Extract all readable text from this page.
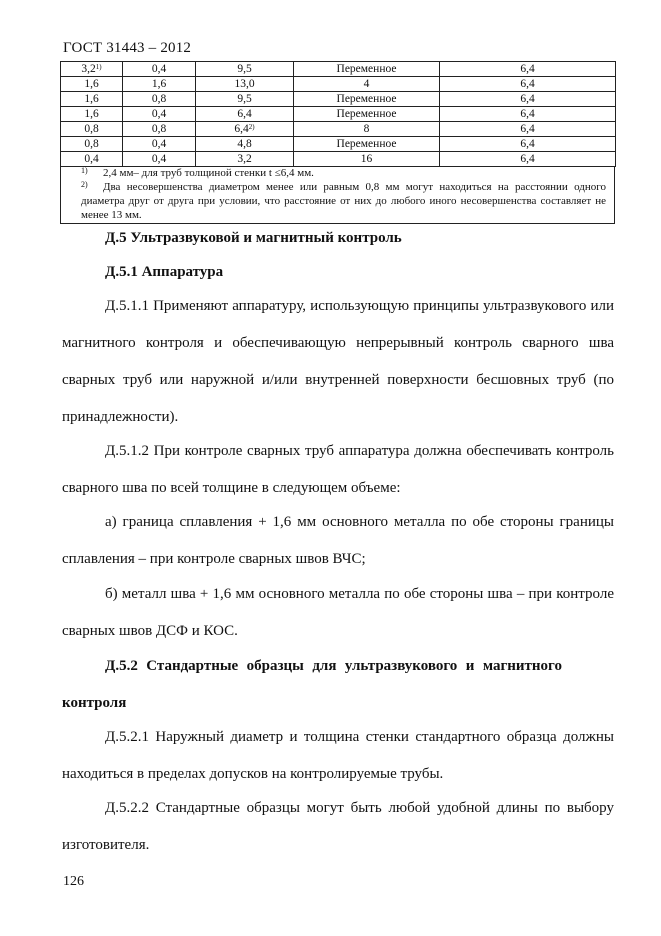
ГОСТ 31443 – 2012
3,2$^{1)}$	0,4	9,5	Переменное	6,4
1,6	1,6	13,0	4	6,4
1,6	0,8	9,5	Переменное	6,4
1,6	0,4	6,4	Переменное	6,4
0,8	0,8	6,4$^{2)}$	8	6,4
0,8	0,4	4,8	Переменное	6,4
0,4	0,4	3,2	16	6,4
1) 2,4 мм– для труб толщиной стенки t ≤6,4 мм.
2)	Два несовершенства диаметром менее или равным 0,8 мм могут находиться на расстоянии одного диаметра друг от друга при условии, что расстояние от них до любого иного несовершенства составляет не менее 13 мм.
Д.5 Ультразвуковой и магнитный контроль
Д.5.1 Аппаратура
Д.5.1.1 Применяют аппаратуру, использующую принципы ультразвукового или магнитного контроля и обеспечивающую непрерывный контроль сварного шва сварных труб или наружной и/или внутренней поверхности бесшовных труб (по принадлежности).
Д.5.1.2 При контроле сварных труб аппаратура должна обеспечивать контроль сварного шва по всей толщине в следующем объеме:
а) граница сплавления + 1,6 мм основного металла по обе стороны границы сплавления – при контроле сварных швов ВЧС;
б) металл шва + 1,6 мм основного металла по обе стороны шва – при контроле сварных швов ДСФ и КОС.
Д.5.2 Стандартные образцы для ультразвукового и магнитного контроля
Д.5.2.1 Наружный диаметр и толщина стенки стандартного образца должны находиться в пределах допусков на контролируемые трубы.
Д.5.2.2 Стандартные образцы могут быть любой удобной длины по выбору изготовителя.
126
